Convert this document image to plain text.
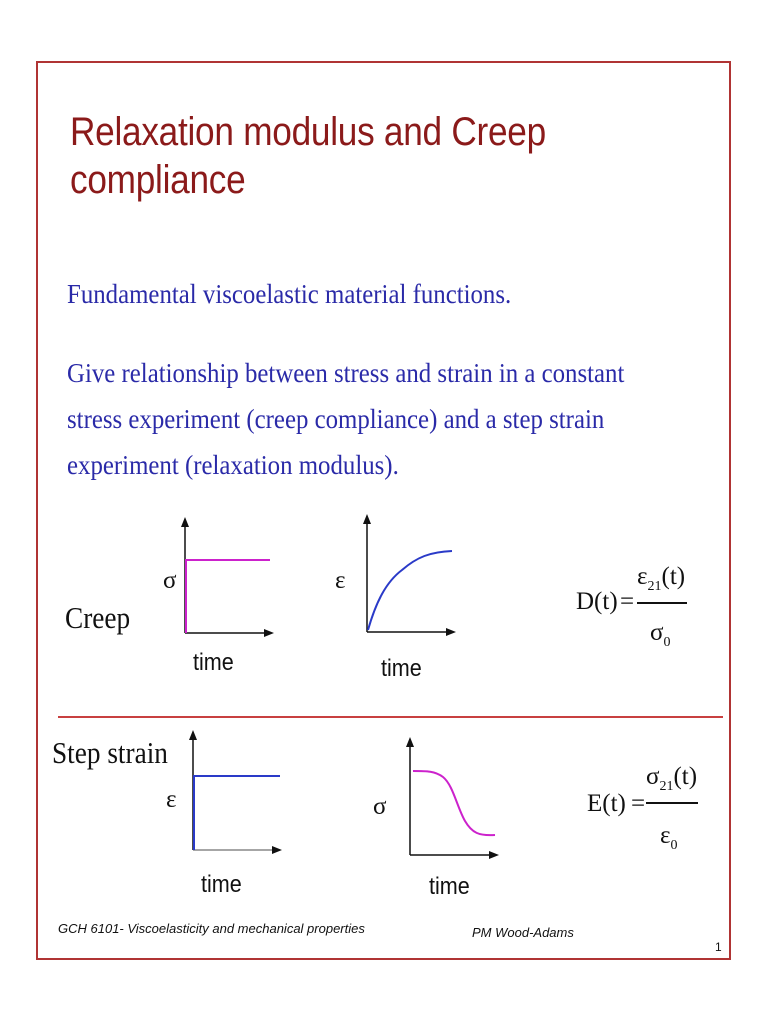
Relaxation modulus and Creep compliance
Fundamental viscoelastic material functions.
Give relationship between stress and strain in a constant stress experiment (creep compliance) and a step strain experiment (relaxation modulus).
Creep
σ
time
ε
time
D(t) =
$\varepsilon_{21}(t)$
$\sigma_0$
Step strain
ε
time
σ
time
E(t) =
$\sigma_{21}(t)$
$\varepsilon_0$
GCH 6101- Viscoelasticity and mechanical properties	PM Wood-Adams
1
